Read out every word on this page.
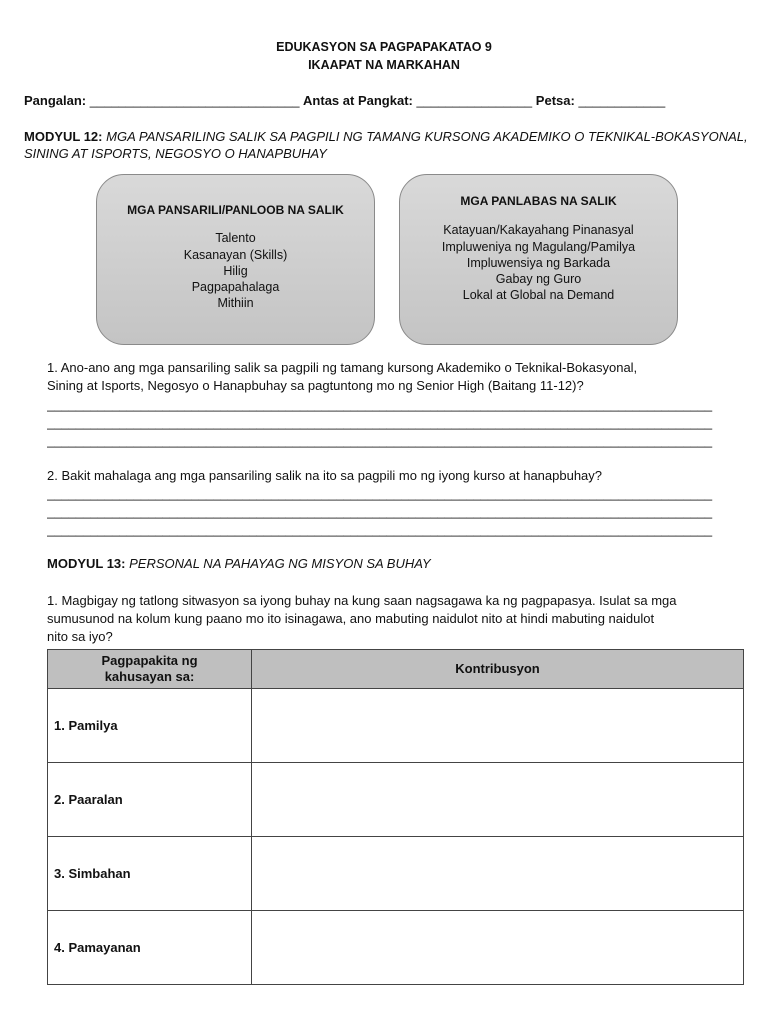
EDUKASYON SA PAGPAPAKATAO 9
IKAAPAT NA MARKAHAN
Pangalan: _____________________________ Antas at Pangkat: ________________ Petsa: ____________
MODYUL 12: MGA PANSARILING SALIK SA PAGPILI NG TAMANG KURSONG AKADEMIKO O TEKNIKAL-BOKASYONAL,
SINING AT ISPORTS, NEGOSYO O HANAPBUHAY
MGA PANSARILI/PANLOOB NA SALIK
Talento
Kasanayan (Skills)
Hilig
Pagpapahalaga
Mithiin
MGA PANLABAS NA SALIK
Katayuan/Kakayahang Pinanasyal
Impluweniya ng Magulang/Pamilya
Impluwensiya ng Barkada
Gabay ng Guro
Lokal at Global na Demand
1. Ano-ano ang mga pansariling salik sa pagpili ng tamang kursong Akademiko o Teknikal-Bokasyonal,
Sining at Isports, Negosyo o Hanapbuhay sa pagtuntong mo ng Senior High (Baitang 11-12)?
____________________________________________________________________________________________
____________________________________________________________________________________________
____________________________________________________________________________________________
2. Bakit mahalaga ang mga pansariling salik na ito sa pagpili mo ng iyong kurso at hanapbuhay?
____________________________________________________________________________________________
____________________________________________________________________________________________
____________________________________________________________________________________________
MODYUL 13: PERSONAL NA PAHAYAG NG MISYON SA BUHAY
1. Magbigay ng tatlong sitwasyon sa iyong buhay na kung saan nagsagawa ka ng pagpapasya. Isulat sa mga
sumusunod na kolum kung paano mo ito isinagawa, ano mabuting naidulot nito at hindi mabuting naidulot
nito sa iyo?
Pagpapakita ng
kahusayan sa:	Kontribusyon
1. Pamilya	
2. Paaralan	
3. Simbahan	
4. Pamayanan	
